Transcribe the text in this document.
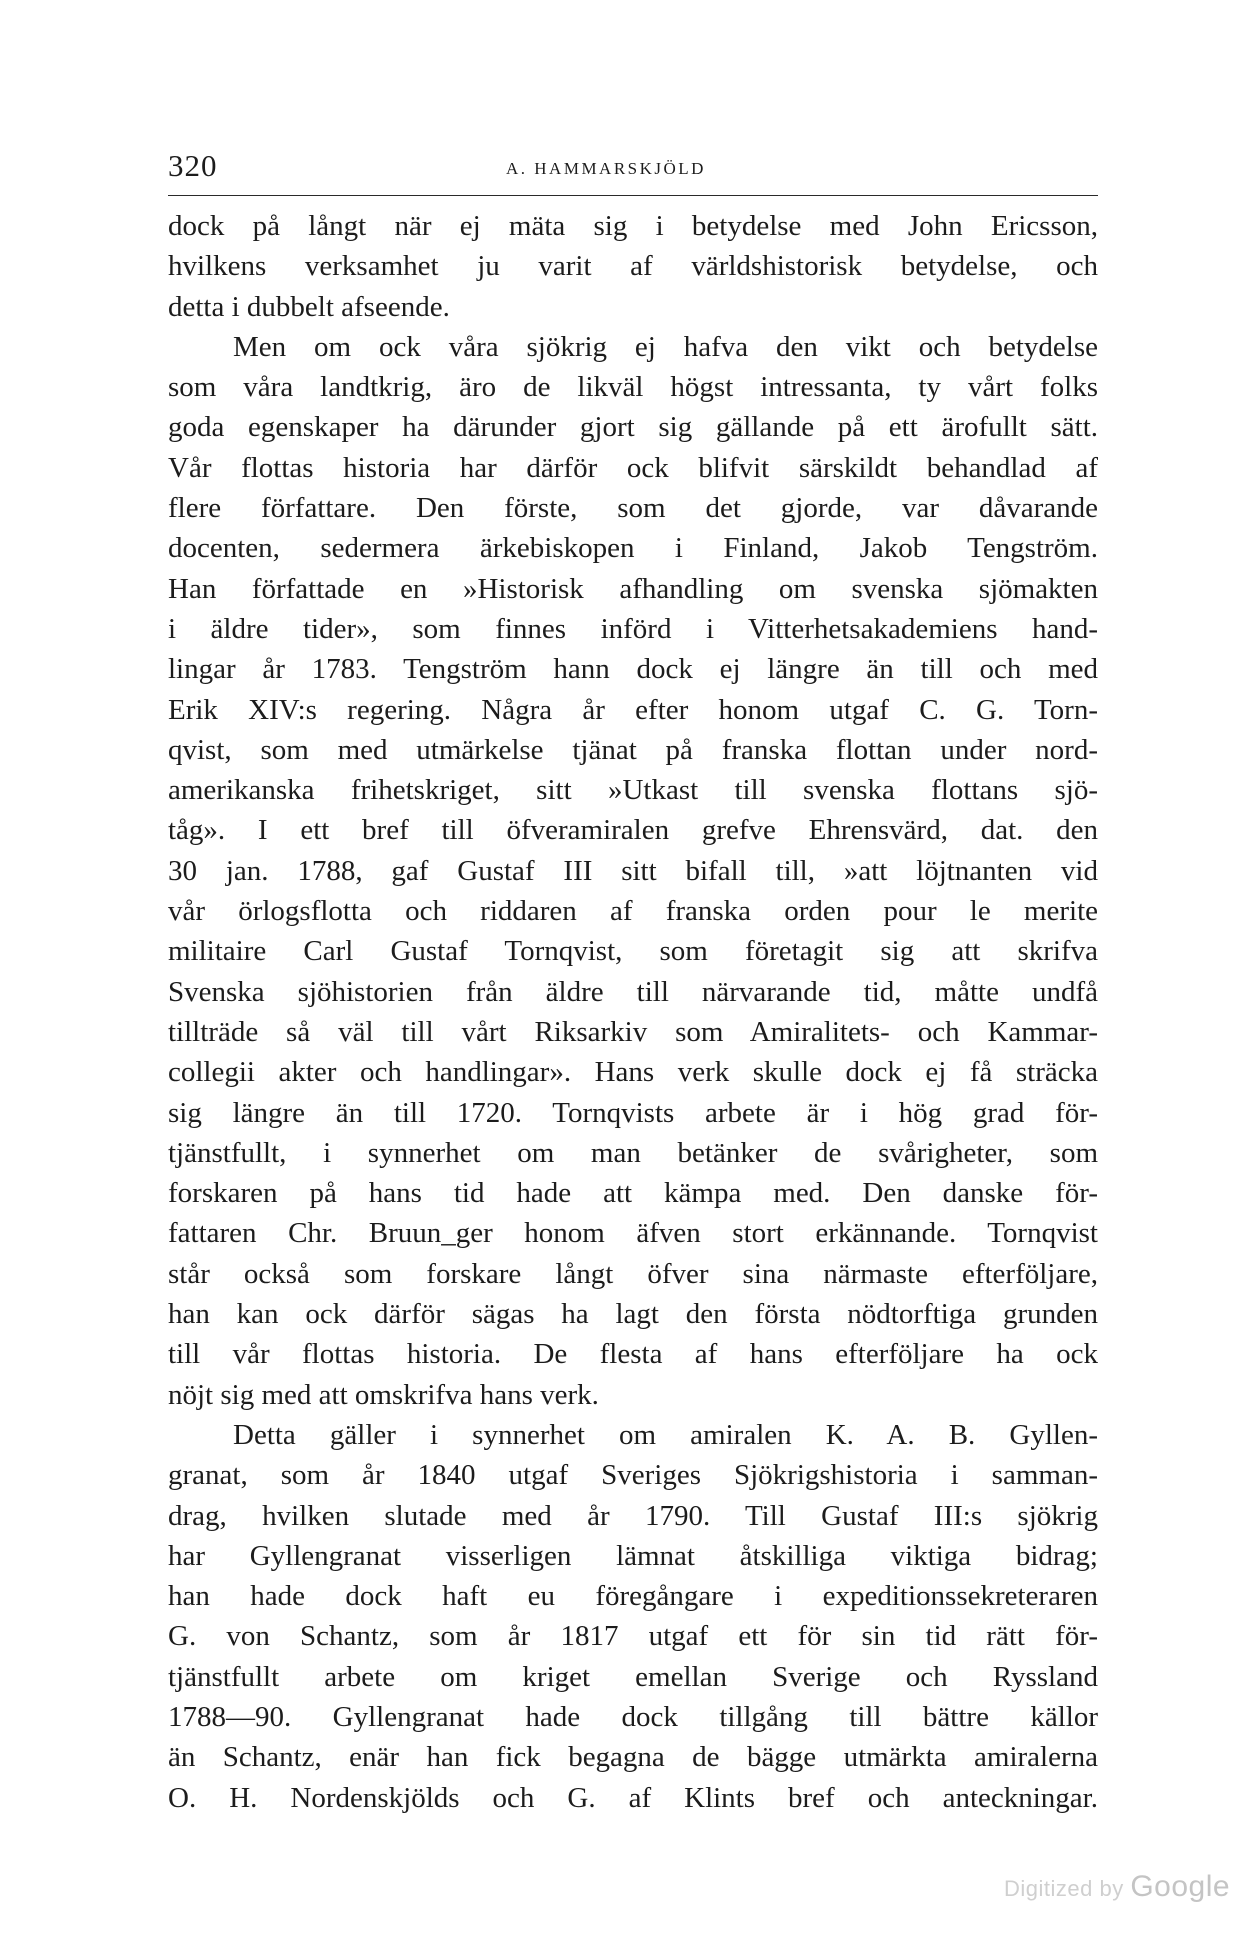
320	A. HAMMARSKJÖLD
dock på långt när ej mäta sig i betydelse med John Ericsson,
hvilkens verksamhet ju varit af världshistorisk betydelse, och
detta i dubbelt afseende.
Men om ock våra sjökrig ej hafva den vikt och betydelse
som våra landtkrig, äro de likväl högst intressanta, ty vårt folks
goda egenskaper ha därunder gjort sig gällande på ett ärofullt sätt.
Vår flottas historia har därför ock blifvit särskildt behandlad af
flere författare. Den förste, som det gjorde, var dåvarande
docenten, sedermera ärkebiskopen i Finland, Jakob Tengström.
Han författade en »Historisk afhandling om svenska sjömakten
i äldre tider», som finnes införd i Vitterhetsakademiens hand-
lingar år 1783. Tengström hann dock ej längre än till och med
Erik XIV:s regering. Några år efter honom utgaf C. G. Torn-
qvist, som med utmärkelse tjänat på franska flottan under nord-
amerikanska frihetskriget, sitt »Utkast till svenska flottans sjö-
tåg». I ett bref till öfveramiralen grefve Ehrensvärd, dat. den
30 jan. 1788, gaf Gustaf III sitt bifall till, »att löjtnanten vid
vår örlogsflotta och riddaren af franska orden pour le merite
militaire Carl Gustaf Tornqvist, som företagit sig att skrifva
Svenska sjöhistorien från äldre till närvarande tid, måtte undfå
tillträde så väl till vårt Riksarkiv som Amiralitets- och Kammar-
collegii akter och handlingar». Hans verk skulle dock ej få sträcka
sig längre än till 1720. Tornqvists arbete är i hög grad för-
tjänstfullt, i synnerhet om man betänker de svårigheter, som
forskaren på hans tid hade att kämpa med. Den danske för-
fattaren Chr. Bruun_ger honom äfven stort erkännande. Tornqvist
står också som forskare långt öfver sina närmaste efterföljare,
han kan ock därför sägas ha lagt den första nödtorftiga grunden
till vår flottas historia. De flesta af hans efterföljare ha ock
nöjt sig med att omskrifva hans verk.
Detta gäller i synnerhet om amiralen K. A. B. Gyllen-
granat, som år 1840 utgaf Sveriges Sjökrigshistoria i samman-
drag, hvilken slutade med år 1790. Till Gustaf III:s sjökrig
har Gyllengranat visserligen lämnat åtskilliga viktiga bidrag;
han hade dock haft eu föregångare i expeditionssekreteraren
G. von Schantz, som år 1817 utgaf ett för sin tid rätt för-
tjänstfullt arbete om kriget emellan Sverige och Ryssland
1788—90. Gyllengranat hade dock tillgång till bättre källor
än Schantz, enär han fick begagna de bägge utmärkta amiralerna
O. H. Nordenskjölds och G. af Klints bref och anteckningar.
Digitized by Google
